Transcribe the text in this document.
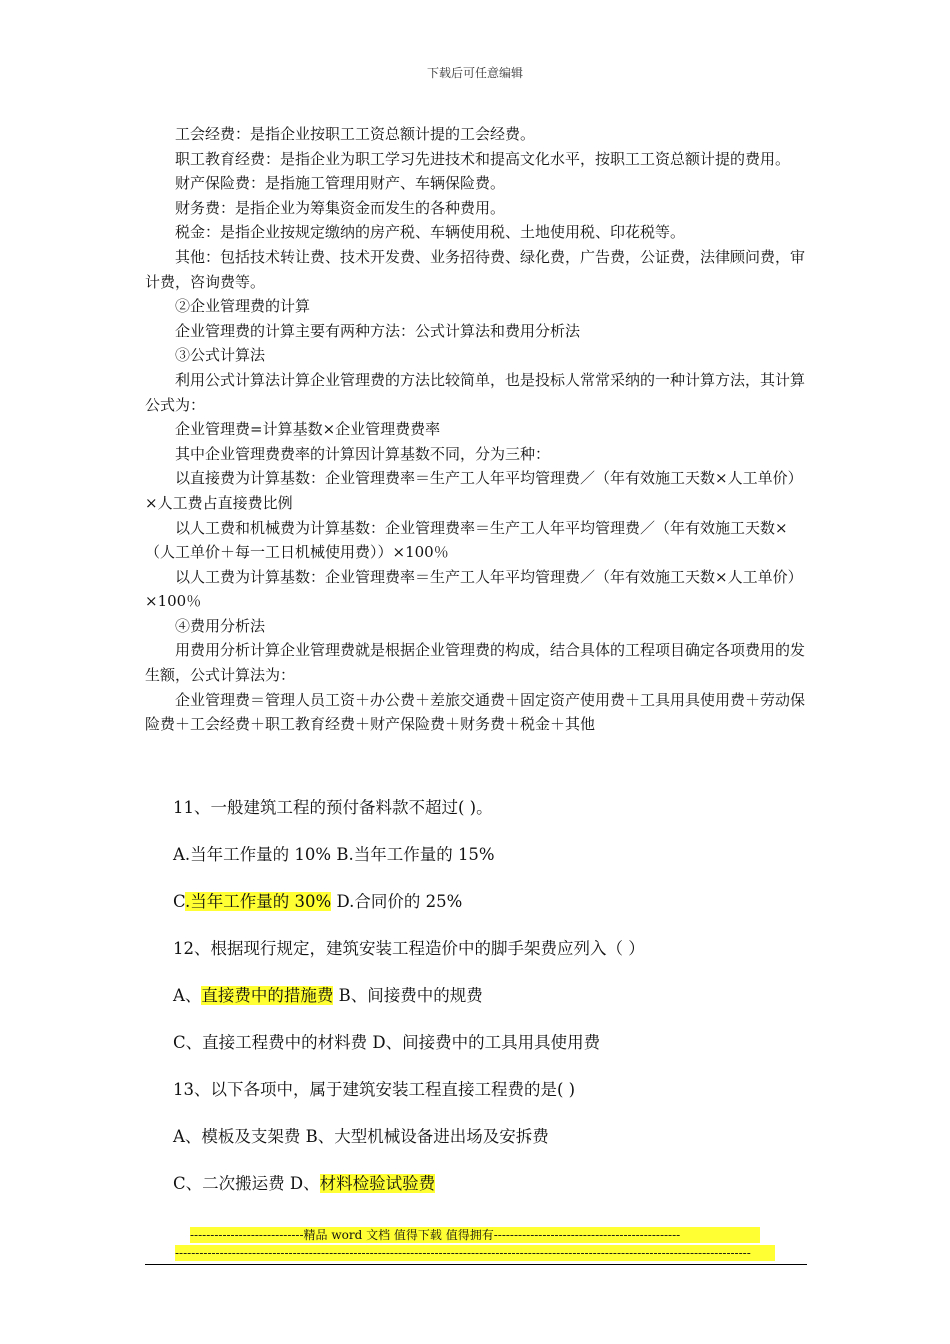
下载后可任意编辑

工会经费：是指企业按职工工资总额计提的工会经费。

职工教育经费：是指企业为职工学习先进技术和提高文化水平，按职工工资总额计提的费用。

财产保险费：是指施工管理用财产、车辆保险费。

财务费：是指企业为筹集资金而发生的各种费用。

税金：是指企业按规定缴纳的房产税、车辆使用税、土地使用税、印花税等。

其他：包括技术转让费、技术开发费、业务招待费、绿化费，广告费，公证费，法律顾问费，审计费，咨询费等。

②企业管理费的计算

企业管理费的计算主要有两种方法：公式计算法和费用分析法

③公式计算法

利用公式计算法计算企业管理费的方法比较简单，也是投标人常常采纳的一种计算方法，其计算公式为：

企业管理费=计算基数×企业管理费费率

其中企业管理费费率的计算因计算基数不同，分为三种：

以直接费为计算基数：企业管理费率＝生产工人年平均管理费／（年有效施工天数×人工单价）×人工费占直接费比例

以人工费和机械费为计算基数：企业管理费率＝生产工人年平均管理费／（年有效施工天数×（人工单价＋每一工日机械使用费））×100％

以人工费为计算基数：企业管理费率＝生产工人年平均管理费／（年有效施工天数×人工单价）×100％

④费用分析法

用费用分析计算企业管理费就是根据企业管理费的构成，结合具体的工程项目确定各项费用的发生额，公式计算法为：

企业管理费＝管理人员工资＋办公费＋差旅交通费＋固定资产使用费＋工具用具使用费＋劳动保险费＋工会经费＋职工教育经费＋财产保险费＋财务费＋税金＋其他

11、一般建筑工程的预付备料款不超过( )。
A.当年工作量的 10% B.当年工作量的 15%
C.当年工作量的 30% D.合同价的 25%
12、根据现行规定，建筑安装工程造价中的脚手架费应列入（ ）
A、直接费中的措施费 B、间接费中的规费
C、直接工程费中的材料费 D、间接费中的工具用具使用费
13、以下各项中，属于建筑安装工程直接工程费的是( )
A、模板及支架费 B、大型机械设备进出场及安拆费
C、二次搬运费 D、材料检验试验费
----------------------------精品 word 文档 值得下载 值得拥有----------------------------------------------
----------------------------------------------------------------------------------------------------------------------------------------------
